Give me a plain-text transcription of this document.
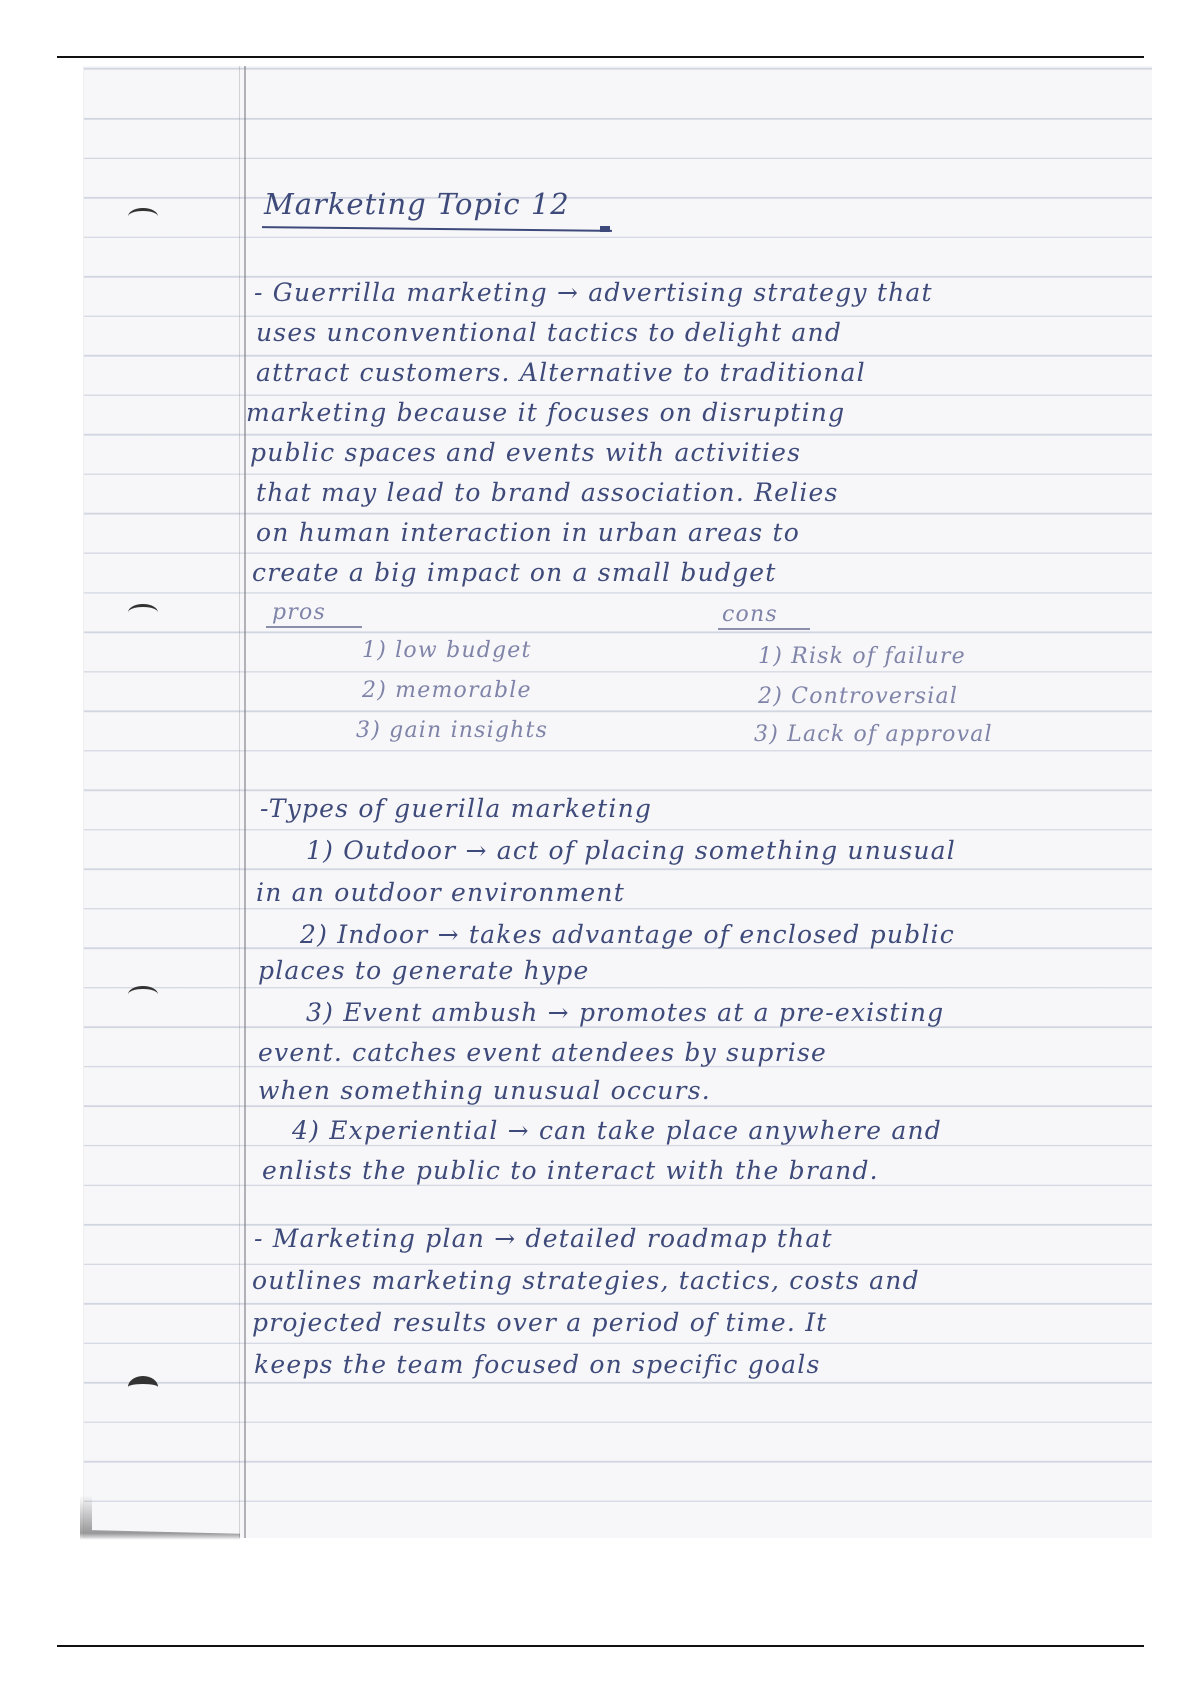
Marketing Topic 12
- Guerrilla marketing → advertising strategy that
uses unconventional tactics to delight and
attract customers. Alternative to traditional
marketing because it focuses on disrupting
public spaces and events with activities
that may lead to brand association. Relies
on human interaction in urban areas to
create a big impact on a small budget
pros
1) low budget
2) memorable
3) gain insights
cons
1) Risk of failure
2) Controversial
3) Lack of approval
-Types of guerilla marketing
1) Outdoor → act of placing something unusual
in an outdoor environment
2) Indoor → takes advantage of enclosed public
places to generate hype
3) Event ambush → promotes at a pre-existing
event. catches event atendees by suprise
when something unusual occurs.
4) Experiential → can take place anywhere and
enlists the public to interact with the brand.
- Marketing plan → detailed roadmap that
outlines marketing strategies, tactics, costs and
projected results over a period of time. It
keeps the team focused on specific goals
